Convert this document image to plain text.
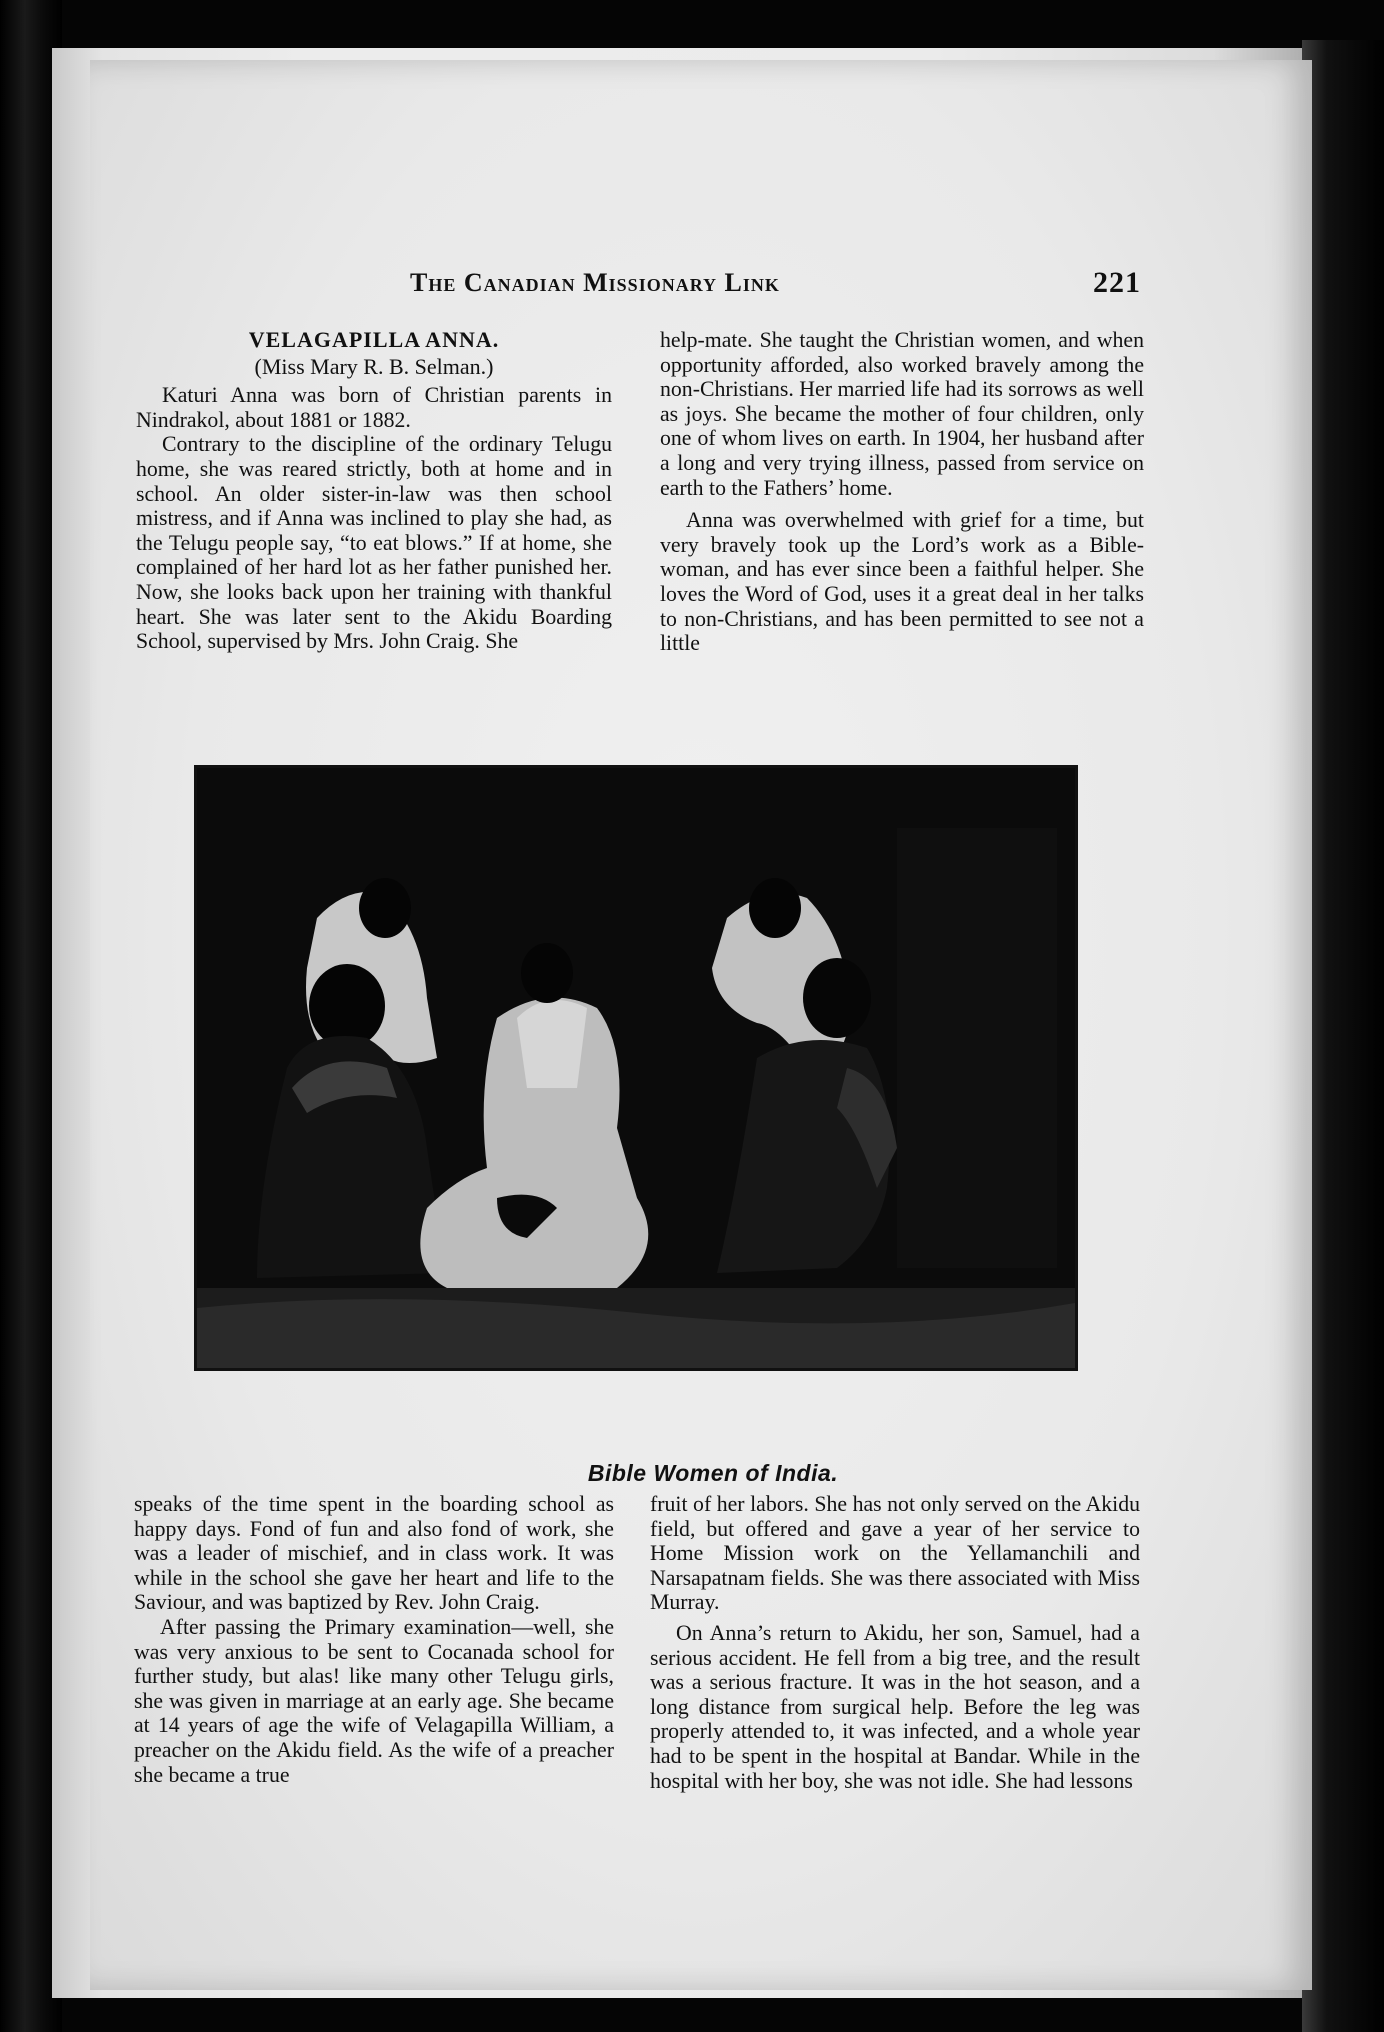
The Canadian Missionary Link	221
VELAGAPILLA ANNA.
(Miss Mary R. B. Selman.)

Katuri Anna was born of Christian parents in Nindrakol, about 1881 or 1882.

Contrary to the discipline of the ordinary Telugu home, she was reared strictly, both at home and in school. An older sister-in-law was then school mistress, and if Anna was inclined to play she had, as the Telugu people say, “to eat blows.” If at home, she complained of her hard lot as her father punished her. Now, she looks back upon her training with thankful heart. She was later sent to the Akidu Boarding School, supervised by Mrs. John Craig. She

help-mate. She taught the Christian women, and when opportunity afforded, also worked bravely among the non-Christians. Her married life had its sorrows as well as joys. She became the mother of four children, only one of whom lives on earth. In 1904, her husband after a long and very trying illness, passed from service on earth to the Fathers’ home.

Anna was overwhelmed with grief for a time, but very bravely took up the Lord’s work as a Bible-woman, and has ever since been a faithful helper. She loves the Word of God, uses it a great deal in her talks to non-Christians, and has been permitted to see not a little

Bible Women of India.

speaks of the time spent in the boarding school as happy days. Fond of fun and also fond of work, she was a leader of mischief, and in class work. It was while in the school she gave her heart and life to the Saviour, and was baptized by Rev. John Craig.

After passing the Primary examination—well, she was very anxious to be sent to Cocanada school for further study, but alas! like many other Telugu girls, she was given in marriage at an early age. She became at 14 years of age the wife of Velagapilla William, a preacher on the Akidu field. As the wife of a preacher she became a true

fruit of her labors. She has not only served on the Akidu field, but offered and gave a year of her service to Home Mission work on the Yellamanchili and Narsapatnam fields. She was there associated with Miss Murray.

On Anna’s return to Akidu, her son, Samuel, had a serious accident. He fell from a big tree, and the result was a serious fracture. It was in the hot season, and a long distance from surgical help. Before the leg was properly attended to, it was infected, and a whole year had to be spent in the hospital at Bandar. While in the hospital with her boy, she was not idle. She had lessons
